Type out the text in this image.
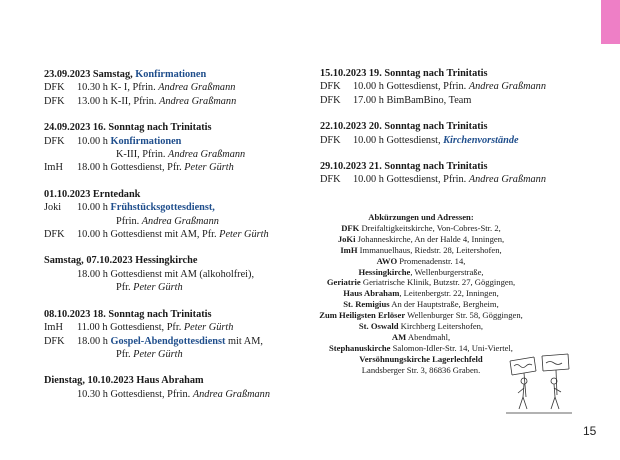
23.09.2023 Samstag, Konfirmationen
DFK	10.30 h K- I, Pfrin. Andrea Graßmann
DFK	13.00 h K-II, Pfrin. Andrea Graßmann
24.09.2023 16. Sonntag nach Trinitatis
DFK	10.00 h Konfirmationen
K-III, Pfrin. Andrea Graßmann
ImH	18.00 h Gottesdienst, Pfr. Peter Gürth
01.10.2023 Erntedank
Joki	10.00 h Frühstücksgottesdienst,
Pfrin. Andrea Graßmann
DFK	10.00 h Gottesdienst mit AM, Pfr. Peter Gürth
Samstag, 07.10.2023 Hessingkirche
18.00 h Gottesdienst mit AM (alkoholfrei),
Pfr. Peter Gürth
08.10.2023 18. Sonntag nach Trinitatis
ImH	11.00 h Gottesdienst, Pfr. Peter Gürth
DFK	18.00 h Gospel-Abendgottesdienst mit AM,
Pfr. Peter Gürth
Dienstag, 10.10.2023 Haus Abraham
10.30 h Gottesdienst, Pfrin. Andrea Graßmann
15.10.2023 19. Sonntag nach Trinitatis
DFK	10.00 h Gottesdienst, Pfrin. Andrea Graßmann
DFK	17.00 h BimBamBino, Team
22.10.2023 20. Sonntag nach Trinitatis
DFK	10.00 h Gottesdienst, Kirchenvorstände
29.10.2023 21. Sonntag nach Trinitatis
DFK	10.00 h Gottesdienst, Pfrin. Andrea Graßmann
Abkürzungen und Adressen:
DFK Dreifaltigkeitskirche, Von-Cobres-Str. 2,
JoKi Johanneskirche, An der Halde 4, Inningen,
ImH Immanuelhaus, Riedstr. 28, Leitershofen,
AWO Promenadenstr. 14,
Hessingkirche, Wellenburgerstraße,
Geriatrie Geriatrische Klinik, Butzstr. 27, Göggingen,
Haus Abraham, Leitenbergstr. 22, Inningen,
St. Remigius An der Hauptstraße, Bergheim,
Zum Heiligsten Erlöser Wellenburger Str. 58, Göggingen,
St. Oswald Kirchberg Leitershofen,
AM Abendmahl,
Stephanuskirche Salomon-Idler-Str. 14, Uni-Viertel,
Versöhnungskirche Lagerlechfeld
Landsberger Str. 3, 86836 Graben.
15
